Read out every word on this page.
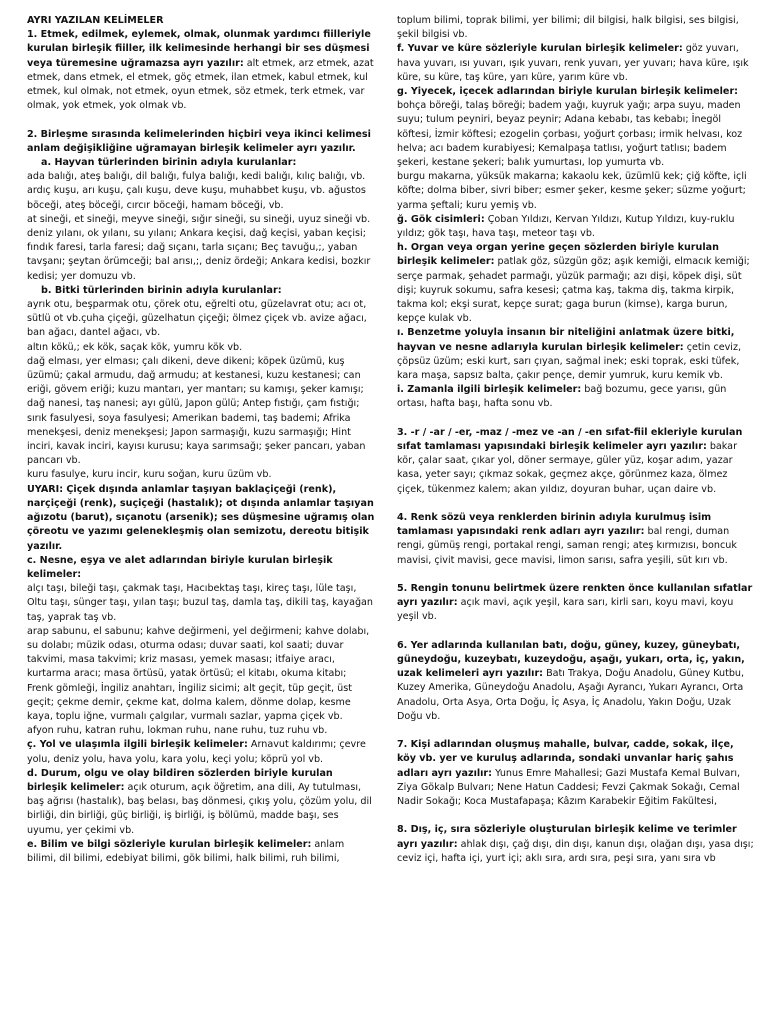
AYRI YAZILAN KELİMELER

1. Etmek, edilmek, eylemek, olmak, olunmak yardımcı fiilleriyle kurulan birleşik fiiller, ilk kelimesinde herhangi bir ses düşmesi veya türemesine uğramazsa ayrı yazılır: alt etmek, arz etmek, azat etmek, dans etmek, el etmek, göç etmek, ilan etmek, kabul etmek, kul etmek, kul olmak, not etmek, oyun etmek, söz etmek, terk etmek, var olmak, yok etmek, yok olmak vb.

2. Birleşme sırasında kelimelerinden hiçbiri veya ikinci kelimesi anlam değişikliğine uğramayan birleşik kelimeler ayrı yazılır.

a. Hayvan türlerinden birinin adıyla kurulanlar:

ada balığı, ateş balığı, dil balığı, fulya balığı, kedi balığı, kılıç balığı, vb.

ardıç kuşu, arı kuşu, çalı kuşu, deve kuşu, muhabbet kuşu, vb. ağustos böceği, ateş böceği, cırcır böceği, hamam böceği, vb.

at sineği, et sineği, meyve sineği, sığır sineği, su sineği, uyuz sineği vb.

deniz yılanı, ok yılanı, su yılanı; Ankara keçisi, dağ keçisi, yaban keçisi; fındık faresi, tarla faresi; dağ sıçanı, tarla sıçanı; Beç tavuğu,;, yaban tavşanı; şeytan örümceği; bal arısı,;, deniz ördeği; Ankara kedisi, bozkır kedisi; yer domuzu vb.

b. Bitki türlerinden birinin adıyla kurulanlar:

ayrık otu, beşparmak otu, çörek otu, eğrelti otu, güzelavrat otu; acı ot, sütlü ot vb.çuha çiçeği, güzelhatun çiçeği; ölmez çiçek vb. avize ağacı, ban ağacı, dantel ağacı, vb.

altın kökü,; ek kök, saçak kök, yumru kök vb.

dağ elması, yer elması; çalı dikeni, deve dikeni; köpek üzümü, kuş üzümü; çakal armudu, dağ armudu; at kestanesi, kuzu kestanesi; can eriği, gövem eriği; kuzu mantarı, yer mantarı; su kamışı, şeker kamışı; dağ nanesi, taş nanesi; ayı gülü, Japon gülü; Antep fıstığı, çam fıstığı; sırık fasulyesi, soya fasulyesi; Amerikan bademi, taş bademi; Afrika menekşesi, deniz menekşesi; Japon sarmaşığı, kuzu sarmaşığı; Hint inciri, kavak inciri, kayısı kurusu; kaya sarımsağı; şeker pancarı, yaban pancarı vb.

kuru fasulye, kuru incir, kuru soğan, kuru üzüm vb.

UYARI: Çiçek dışında anlamlar taşıyan baklaçiçeği (renk), narçiçeği (renk), suçiçeği (hastalık); ot dışında anlamlar taşıyan ağızotu (barut), sıçanotu (arsenik); ses düşmesine uğramış olan çöreotu ve yazımı gelenekleşmiş olan semizotu, dereotu bitişik yazılır.

c. Nesne, eşya ve alet adlarından biriyle kurulan birleşik kelimeler:

alçı taşı, bileği taşı, çakmak taşı, Hacıbektaş taşı, kireç taşı, lüle taşı, Oltu taşı, sünger taşı, yılan taşı; buzul taş, damla taş, dikili taş, kayağan taş, yaprak taş vb.

arap sabunu, el sabunu; kahve değirmeni, yel değirmeni; kahve dolabı, su dolabı; müzik odası, oturma odası; duvar saati, kol saati; duvar takvimi, masa takvimi; kriz masası, yemek masası; itfaiye aracı, kurtarma aracı; masa örtüsü, yatak örtüsü; el kitabı, okuma kitabı; Frenk gömleği, İngiliz anahtarı, İngiliz sicimi; alt geçit, tüp geçit, üst geçit; çekme demir, çekme kat, dolma kalem, dönme dolap, kesme kaya, toplu iğne, vurmalı çalgılar, vurmalı sazlar, yapma çiçek vb.

afyon ruhu, katran ruhu, lokman ruhu, nane ruhu, tuz ruhu vb.

ç. Yol ve ulaşımla ilgili birleşik kelimeler: Arnavut kaldırımı; çevre yolu, deniz yolu, hava yolu, kara yolu, keçi yolu; köprü yol vb.

d. Durum, olgu ve olay bildiren sözlerden biriyle kurulan birleşik kelimeler: açık oturum, açık öğretim, ana dili, Ay tutulması, baş ağrısı (hastalık), baş belası, baş dönmesi, çıkış yolu, çözüm yolu, dil birliği, din birliği, güç birliği, iş birliği, iş bölümü, madde başı, ses uyumu, yer çekimi vb.

e. Bilim ve bilgi sözleriyle kurulan birleşik kelimeler: anlam bilimi, dil bilimi, edebiyat bilimi, gök bilimi, halk bilimi, ruh bilimi,

toplum bilimi, toprak bilimi, yer bilimi; dil bilgisi, halk bilgisi, ses bilgisi, şekil bilgisi vb.

f. Yuvar ve küre sözleriyle kurulan birleşik kelimeler: göz yuvarı, hava yuvarı, ısı yuvarı, ışık yuvarı, renk yuvarı, yer yuvarı; hava küre, ışık küre, su küre, taş küre, yarı küre, yarım küre vb.

g. Yiyecek, içecek adlarından biriyle kurulan birleşik kelimeler: bohça böreği, talaş böreği; badem yağı, kuyruk yağı; arpa suyu, maden suyu; tulum peyniri, beyaz peynir; Adana kebabı, tas kebabı; İnegöl köftesi, İzmir köftesi; ezogelin çorbası, yoğurt çorbası; irmik helvası, koz helva; acı badem kurabiyesi; Kemalpaşa tatlısı, yoğurt tatlısı; badem şekeri, kestane şekeri; balık yumurtası, lop yumurta vb.

burgu makarna, yüksük makarna; kakaolu kek, üzümlü kek; çiğ köfte, içli köfte; dolma biber, sivri biber; esmer şeker, kesme şeker; süzme yoğurt; yarma şeftali; kuru yemiş vb.

ğ. Gök cisimleri: Çoban Yıldızı, Kervan Yıldızı, Kutup Yıldızı, kuy-ruklu yıldız; gök taşı, hava taşı, meteor taşı vb.

h. Organ veya organ yerine geçen sözlerden biriyle kurulan birleşik kelimeler: patlak göz, süzgün göz; aşık kemiği, elmacık kemiği; serçe parmak, şehadet parmağı, yüzük parmağı; azı dişi, köpek dişi, süt dişi; kuyruk sokumu, safra kesesi; çatma kaş, takma diş, takma kirpik, takma kol; ekşi surat, kepçe surat; gaga burun (kimse), karga burun, kepçe kulak vb.

ı. Benzetme yoluyla insanın bir niteliğini anlatmak üzere bitki, hayvan ve nesne adlarıyla kurulan birleşik kelimeler: çetin ceviz, çöpsüz üzüm; eski kurt, sarı çıyan, sağmal inek; eski toprak, eski tüfek, kara maşa, sapsız balta, çakır pençe, demir yumruk, kuru kemik vb.

i. Zamanla ilgili birleşik kelimeler: bağ bozumu, gece yarısı, gün ortası, hafta başı, hafta sonu vb.

3. -r / -ar / -er, -maz / -mez ve -an / -en sıfat-fiil ekleriyle kurulan sıfat tamlaması yapısındaki birleşik kelimeler ayrı yazılır: bakar kör, çalar saat, çıkar yol, döner sermaye, güler yüz, koşar adım, yazar kasa, yeter sayı; çıkmaz sokak, geçmez akçe, görünmez kaza, ölmez çiçek, tükenmez kalem; akan yıldız, doyuran buhar, uçan daire vb.

4. Renk sözü veya renklerden birinin adıyla kurulmuş isim tamlaması yapısındaki renk adları ayrı yazılır: bal rengi, duman rengi, gümüş rengi, portakal rengi, saman rengi; ateş kırmızısı, boncuk mavisi, çivit mavisi, gece mavisi, limon sarısı, safra yeşili, süt kırı vb.

5. Rengin tonunu belirtmek üzere renkten önce kullanılan sıfatlar ayrı yazılır: açık mavi, açık yeşil, kara sarı, kirli sarı, koyu mavi, koyu yeşil vb.

6. Yer adlarında kullanılan batı, doğu, güney, kuzey, güneybatı, güneydoğu, kuzeybatı, kuzeydoğu, aşağı, yukarı, orta, iç, yakın, uzak kelimeleri ayrı yazılır: Batı Trakya, Doğu Anadolu, Güney Kutbu, Kuzey Amerika, Güneydoğu Anadolu, Aşağı Ayrancı, Yukarı Ayrancı, Orta Anadolu, Orta Asya, Orta Doğu, İç Asya, İç Anadolu, Yakın Doğu, Uzak Doğu vb.

7. Kişi adlarından oluşmuş mahalle, bulvar, cadde, sokak, ilçe, köy vb. yer ve kuruluş adlarında, sondaki unvanlar hariç şahıs adları ayrı yazılır: Yunus Emre Mahallesi; Gazi Mustafa Kemal Bulvarı, Ziya Gökalp Bulvarı; Nene Hatun Caddesi; Fevzi Çakmak Sokağı, Cemal Nadir Sokağı; Koca Mustafapaşa; Kâzım Karabekir Eğitim Fakültesi,

8. Dış, iç, sıra sözleriyle oluşturulan birleşik kelime ve terimler ayrı yazılır: ahlak dışı, çağ dışı, din dışı, kanun dışı, olağan dışı, yasa dışı; ceviz içi, hafta içi, yurt içi; aklı sıra, ardı sıra, peşi sıra, yanı sıra vb
